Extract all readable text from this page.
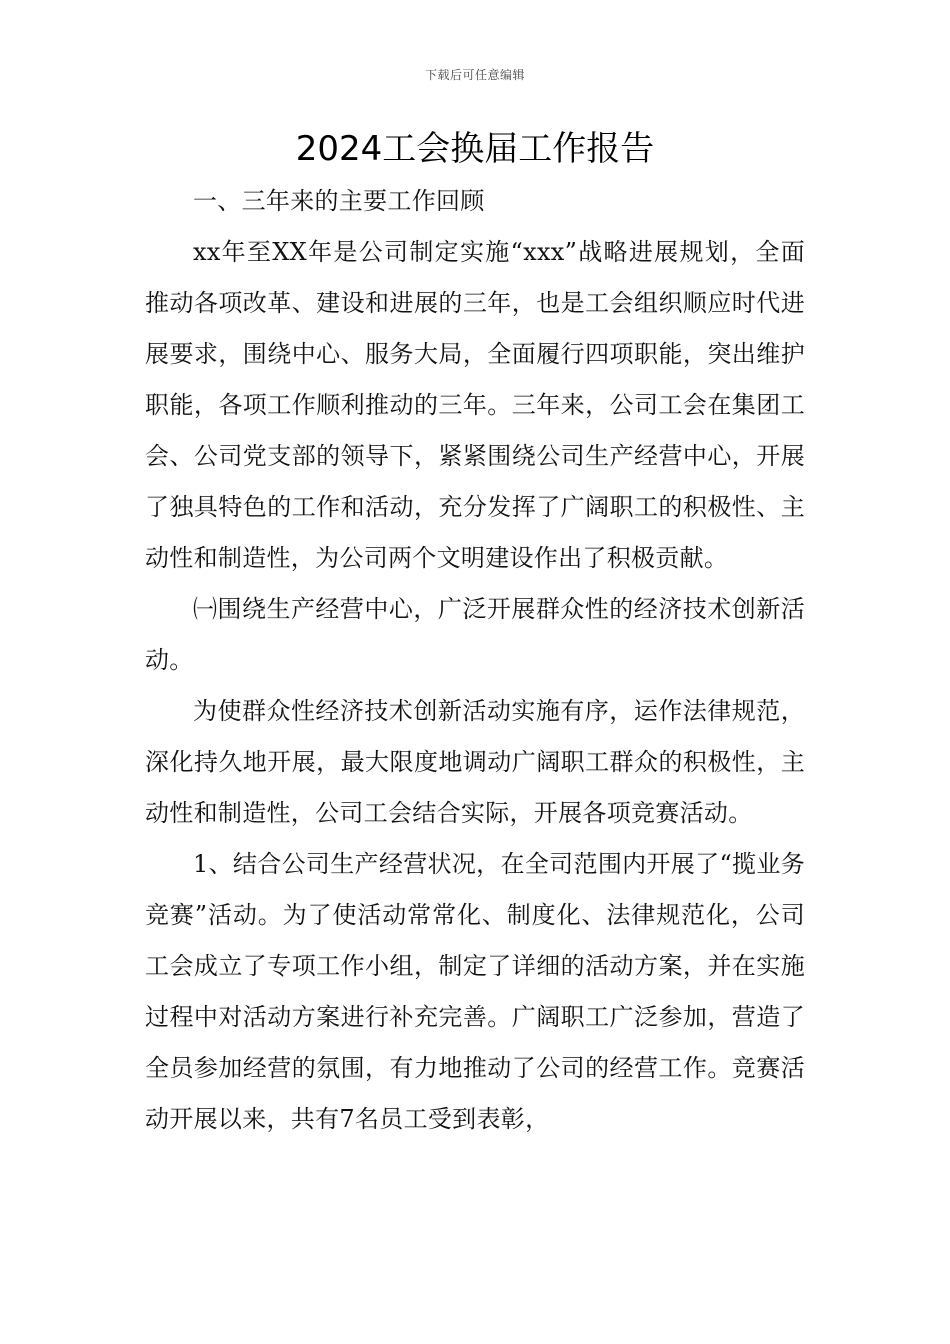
下载后可任意编辑
2024工会换届工作报告

一、三年来的主要工作回顾

xx年至XX年是公司制定实施“xxx”战略进展规划，全面推动各项改革、建设和进展的三年，也是工会组织顺应时代进展要求，围绕中心、服务大局，全面履行四项职能，突出维护职能，各项工作顺利推动的三年。三年来，公司工会在集团工会、公司党支部的领导下，紧紧围绕公司生产经营中心，开展了独具特色的工作和活动，充分发挥了广阔职工的积极性、主动性和制造性，为公司两个文明建设作出了积极贡献。

㈠围绕生产经营中心，广泛开展群众性的经济技术创新活动。

为使群众性经济技术创新活动实施有序，运作法律规范，深化持久地开展，最大限度地调动广阔职工群众的积极性，主动性和制造性，公司工会结合实际，开展各项竞赛活动。

1、结合公司生产经营状况，在全司范围内开展了“揽业务竞赛”活动。为了使活动常常化、制度化、法律规范化，公司工会成立了专项工作小组，制定了详细的活动方案，并在实施过程中对活动方案进行补充完善。广阔职工广泛参加，营造了全员参加经营的氛围，有力地推动了公司的经营工作。竞赛活动开展以来，共有7名员工受到表彰，
